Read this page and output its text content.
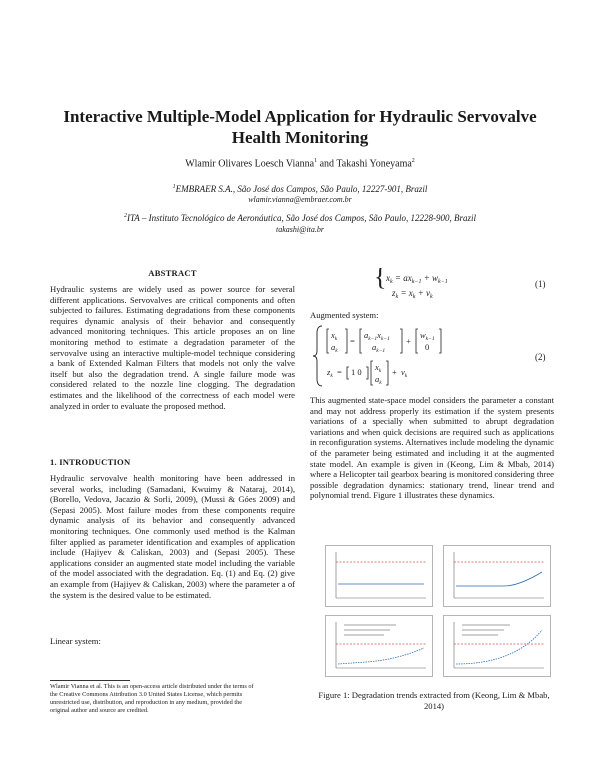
Interactive Multiple-Model Application for Hydraulic Servovalve Health Monitoring
Wlamir Olivares Loesch Vianna$^1$ and Takashi Yoneyama$^2$
$^1$EMBRAER S.A., São José dos Campos, São Paulo, 12227-901, Brazil
wlamir.vianna@embraer.com.br
$^2$ITA – Instituto Tecnológico de Aeronáutica, São José dos Campos, São Paulo, 12228-900, Brazil
takashi@ita.br
ABSTRACT
Hydraulic systems are widely used as power source for several different applications. Servovalves are critical components and often subjected to failures. Estimating degradations from these components requires dynamic analysis of their behavior and consequently advanced monitoring techniques. This article proposes an on line monitoring method to estimate a degradation parameter of the servovalve using an interactive multiple-model technique considering a bank of Extended Kalman Filters that models not only the valve itself but also the degradation trend. A single failure mode was considered related to the nozzle line clogging. The degradation estimates and the likelihood of the correctness of each model were analyzed in order to evaluate the proposed method.
1. INTRODUCTION
Hydraulic servovalve health monitoring have been addressed in several works, including (Samadani, Kwuimy & Nataraj, 2014), (Borello, Vedova, Jacazio & Sorli, 2009), (Mussi & Góes 2009) and (Sepasi 2005). Most failure modes from these components require dynamic analysis of its behavior and consequently advanced monitoring techniques. One commonly used method is the Kalman filter applied as parameter identification and examples of application include (Hajiyev & Caliskan, 2003) and (Sepasi 2005). These applications consider an augmented state model including the variable of the model associated with the degradation. Eq. (1) and Eq. (2) give an example from (Hajiyev & Caliskan, 2003) where the parameter a of the system is the desired value to be estimated.
Linear system:
Wlamir Vianna et al. This is an open-access article distributed under the terms of the Creative Commons Attribution 3.0 United States License, which permits unrestricted use, distribution, and reproduction in any medium, provided the original author and source are credited.
{ $x_k = ax_{k-1} + w_{k-1}$
$z_k = x_k + v_k$
(1)
Augmented system:
$x_k$
$a_k$
=
$a_{k-1}x_{k-1}$
$a_{k-1}$
+
$w_{k-1}$
0
$z_k = 1$ 0 $x_k$
$a_k$
+ $v_k$
(2)
This augmented state-space model considers the parameter a constant and may not address properly its estimation if the system presents variations of a specially when submitted to abrupt degradation variations and when quick decisions are required such as applications in reconfiguration systems. Alternatives include modeling the dynamic of the parameter being estimated and including it at the augmented state model. An example is given in (Keong, Lim & Mbab, 2014) where a Helicopter tail gearbox bearing is monitored considering three possible degradation dynamics: stationary trend, linear trend and polynomial trend. Figure 1 illustrates these dynamics.
Figure 1: Degradation trends extracted from (Keong, Lim & Mbab, 2014)
